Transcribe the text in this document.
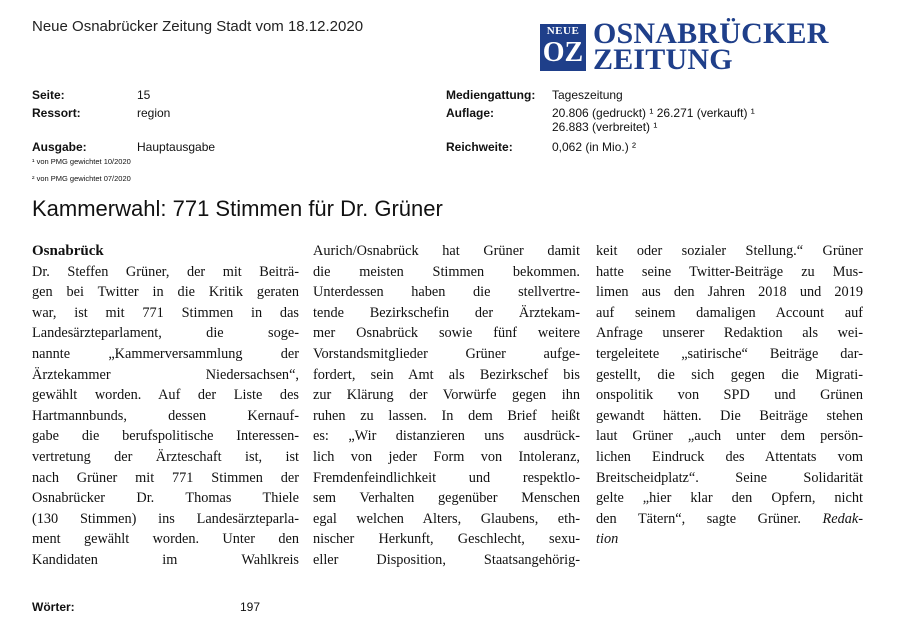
Neue Osnabrücker Zeitung Stadt vom 18.12.2020	NEUE
OZ
OSNABRÜCKER
ZEITUNG
Seite:	15
Ressort:	region
Ausgabe:	Hauptausgabe
¹ von PMG gewichtet 10/2020
² von PMG gewichtet 07/2020
Mediengattung: Tageszeitung
Auflage:	20.806 (gedruckt) ¹ 26.271 (verkauft) ¹
26.883 (verbreitet) ¹
Reichweite:	0,062 (in Mio.) ²
Kammerwahl: 771 Stimmen für Dr. Grüner
Osnabrück
Dr. Steffen Grüner, der mit Beiträ-
gen bei Twitter in die Kritik geraten
war, ist mit 771 Stimmen in das
Landesärzteparlament, die soge-
nannte „Kammerversammlung der
Ärztekammer Niedersachsen“,
gewählt worden. Auf der Liste des
Hartmannbunds, dessen Kernauf-
gabe die berufspolitische Interessen-
vertretung der Ärzteschaft ist, ist
nach Grüner mit 771 Stimmen der
Osnabrücker Dr. Thomas Thiele
(130 Stimmen) ins Landesärzteparla-
ment gewählt worden. Unter den
Kandidaten im Wahlkreis
Aurich/Osnabrück hat Grüner damit
die meisten Stimmen bekommen.
Unterdessen haben die stellvertre-
tende Bezirkschefin der Ärztekam-
mer Osnabrück sowie fünf weitere
Vorstandsmitglieder Grüner aufge-
fordert, sein Amt als Bezirkschef bis
zur Klärung der Vorwürfe gegen ihn
ruhen zu lassen. In dem Brief heißt
es: „Wir distanzieren uns ausdrück-
lich von jeder Form von Intoleranz,
Fremdenfeindlichkeit und respektlo-
sem Verhalten gegenüber Menschen
egal welchen Alters, Glaubens, eth-
nischer Herkunft, Geschlecht, sexu-
eller Disposition, Staatsangehörig-
keit oder sozialer Stellung.“ Grüner
hatte seine Twitter-Beiträge zu Mus-
limen aus den Jahren 2018 und 2019
auf seinem damaligen Account auf
Anfrage unserer Redaktion als wei-
tergeleitete „satirische“ Beiträge dar-
gestellt, die sich gegen die Migrati-
onspolitik von SPD und Grünen
gewandt hätten. Die Beiträge stehen
laut Grüner „auch unter dem persön-
lichen Eindruck des Attentats vom
Breitscheidplatz“. Seine Solidarität
gelte „hier klar den Opfern, nicht
den Tätern“, sagte Grüner. Redak-
tion
Wörter:	197
